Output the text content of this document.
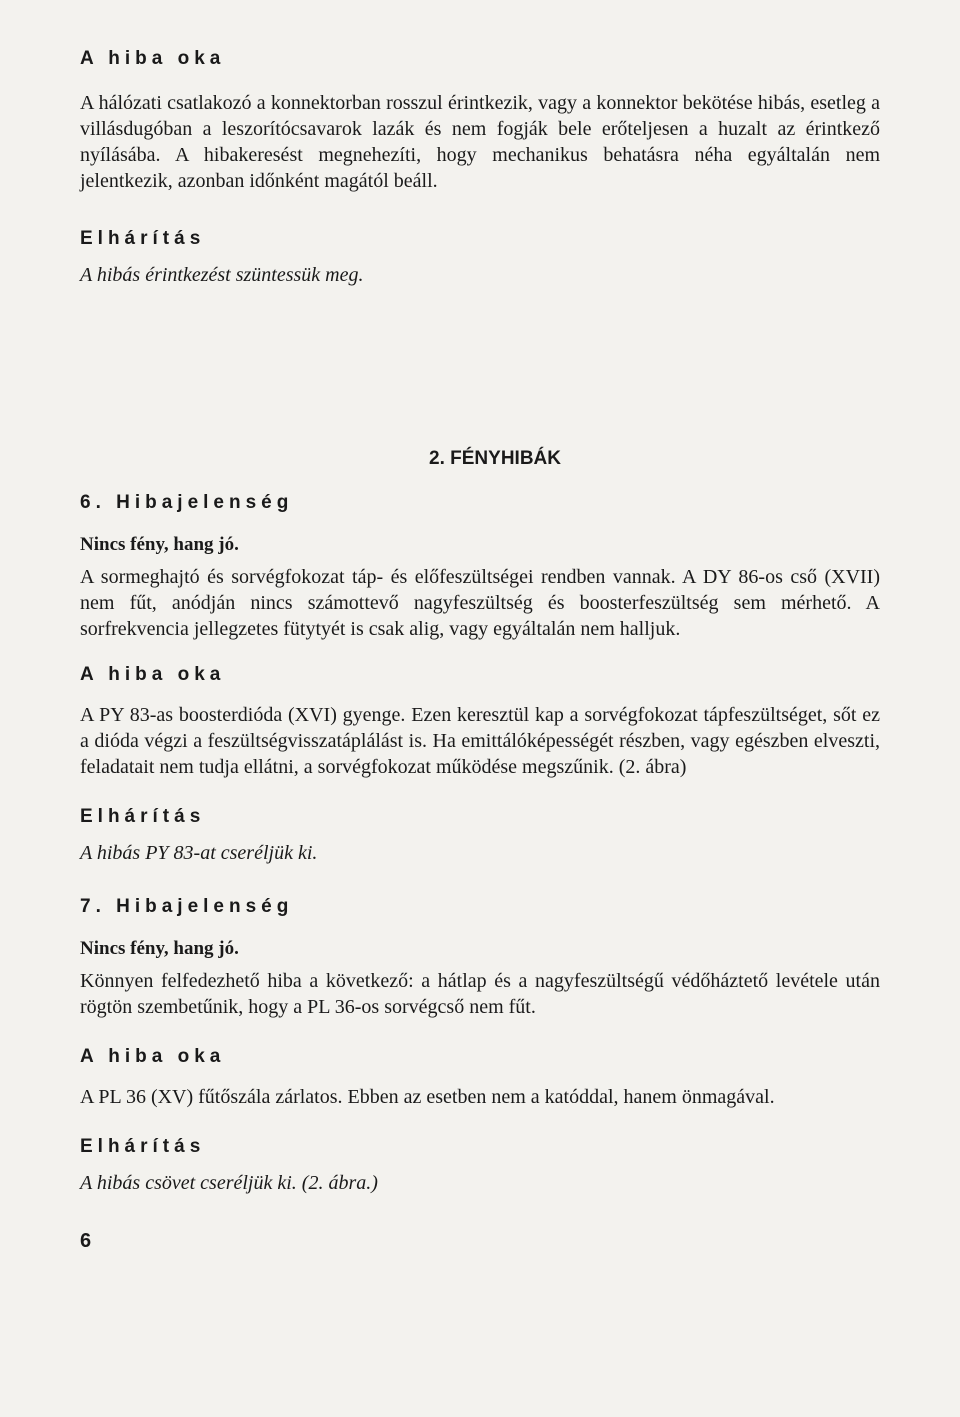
A hiba oka

A hálózati csatlakozó a konnektorban rosszul érintkezik, vagy a konnektor bekötése hibás, esetleg a villásdugóban a leszorítócsavarok lazák és nem fogják bele erőteljesen a huzalt az érintkező nyílásába. A hibakeresést megnehezíti, hogy mechanikus behatásra néha egyáltalán nem jelentkezik, azonban időnként magától beáll.

Elhárítás

A hibás érintkezést szüntessük meg.

2. FÉNYHIBÁK

6. Hibajelenség

Nincs fény, hang jó.

A sormeghajtó és sorvégfokozat táp- és előfeszültségei rendben vannak. A DY 86-os cső (XVII) nem fűt, anódján nincs számottevő nagyfeszültség és boosterfeszültség sem mérhető. A sorfrekvencia jellegzetes fütytyét is csak alig, vagy egyáltalán nem halljuk.

A hiba oka

A PY 83-as boosterdióda (XVI) gyenge. Ezen keresztül kap a sorvégfokozat tápfeszültséget, sőt ez a dióda végzi a feszültségvisszatáplálást is. Ha emittálóképességét részben, vagy egészben elveszti, feladatait nem tudja ellátni, a sorvégfokozat működése megszűnik. (2. ábra)

Elhárítás

A hibás PY 83-at cseréljük ki.

7. Hibajelenség

Nincs fény, hang jó.

Könnyen felfedezhető hiba a következő: a hátlap és a nagyfeszültségű védőháztető levétele után rögtön szembetűnik, hogy a PL 36-os sorvégcső nem fűt.

A hiba oka

A PL 36 (XV) fűtőszála zárlatos. Ebben az esetben nem a katóddal, hanem önmagával.

Elhárítás

A hibás csövet cseréljük ki. (2. ábra.)

6
